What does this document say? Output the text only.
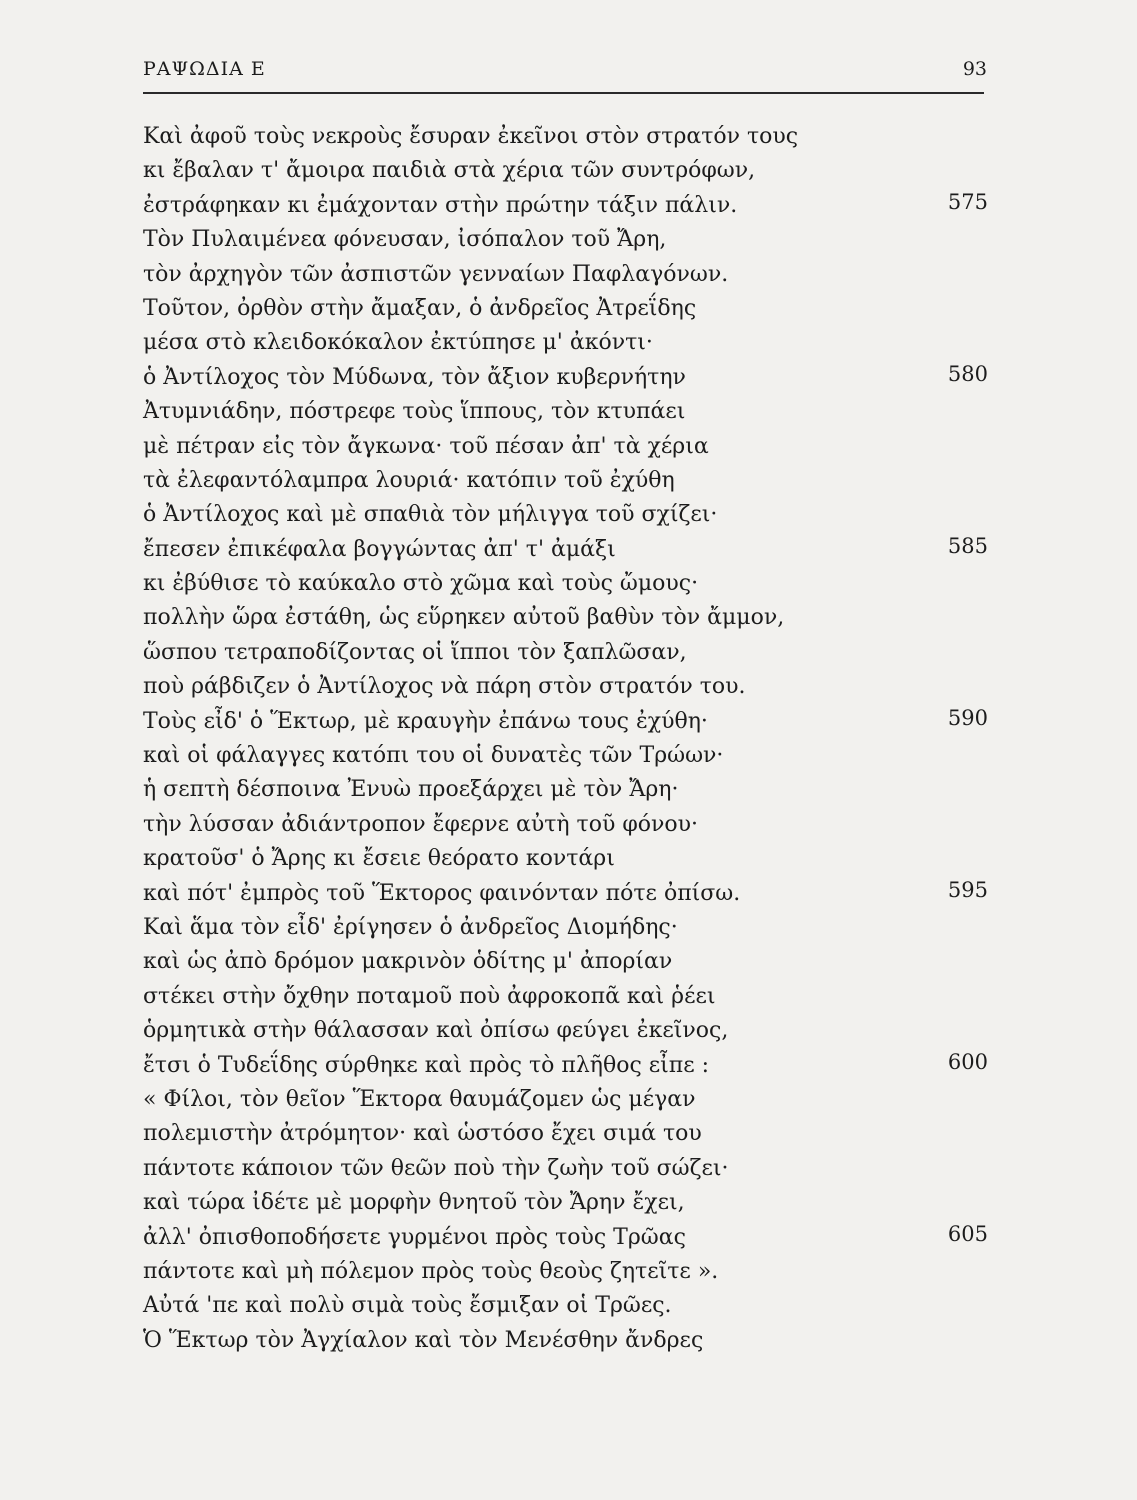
ΡΑΨΩΔΙΑ Ε	93
Καὶ ἀφοῦ τοὺς νεκροὺς ἔσυραν ἐκεῖνοι στὸν στρατόν τους
κι ἔβαλαν τ' ἄμοιρα παιδιὰ στὰ χέρια τῶν συντρόφων,
ἐστράφηκαν κι ἐμάχονταν στὴν πρώτην τάξιν πάλιν.	575
Τὸν Πυλαιμένεα φόνευσαν, ἰσόπαλον τοῦ Ἄρη,
τὸν ἀρχηγὸν τῶν ἀσπιστῶν γενναίων Παφλαγόνων.
Τοῦτον, ὀρθὸν στὴν ἄμαξαν, ὁ ἀνδρεῖος Ἀτρεΐδης
μέσα στὸ κλειδοκόκαλον ἐκτύπησε μ' ἀκόντι·
ὁ Ἀντίλοχος τὸν Μύδωνα, τὸν ἄξιον κυβερνήτην	580
Ἀτυμνιάδην, πόστρεφε τοὺς ἵππους, τὸν κτυπάει
μὲ πέτραν εἰς τὸν ἄγκωνα· τοῦ πέσαν ἀπ' τὰ χέρια
τὰ ἐλεφαντόλαμπρα λουριά· κατόπιν τοῦ ἐχύθη
ὁ Ἀντίλοχος καὶ μὲ σπαθιὰ τὸν μήλιγγα τοῦ σχίζει·
ἔπεσεν ἐπικέφαλα βογγώντας ἀπ' τ' ἀμάξι	585
κι ἐβύθισε τὸ καύκαλο στὸ χῶμα καὶ τοὺς ὤμους·
πολλὴν ὥρα ἐστάθη, ὡς εὕρηκεν αὐτοῦ βαθὺν τὸν ἄμμον,
ὥσπου τετραποδίζοντας οἱ ἵπποι τὸν ξαπλῶσαν,
ποὺ ράβδιζεν ὁ Ἀντίλοχος νὰ πάρη στὸν στρατόν του.
Τοὺς εἶδ' ὁ Ἕκτωρ, μὲ κραυγὴν ἐπάνω τους ἐχύθη·	590
καὶ οἱ φάλαγγες κατόπι του οἱ δυνατὲς τῶν Τρώων·
ἡ σεπτὴ δέσποινα Ἐνυὼ προεξάρχει μὲ τὸν Ἄρη·
τὴν λύσσαν ἀδιάντροπον ἔφερνε αὐτὴ τοῦ φόνου·
κρατοῦσ' ὁ Ἄρης κι ἔσειε θεόρατο κοντάρι
καὶ πότ' ἐμπρὸς τοῦ Ἕκτορος φαινόνταν πότε ὀπίσω.	595
Καὶ ἅμα τὸν εἶδ' ἐρίγησεν ὁ ἀνδρεῖος Διομήδης·
καὶ ὡς ἀπὸ δρόμον μακρινὸν ὁδίτης μ' ἀπορίαν
στέκει στὴν ὄχθην ποταμοῦ ποὺ ἀφροκοπᾶ καὶ ῥέει
ὁρμητικὰ στὴν θάλασσαν καὶ ὀπίσω φεύγει ἐκεῖνος,
ἔτσι ὁ Τυδεΐδης σύρθηκε καὶ πρὸς τὸ πλῆθος εἶπε :	600
« Φίλοι, τὸν θεῖον Ἕκτορα θαυμάζομεν ὡς μέγαν
πολεμιστὴν ἀτρόμητον· καὶ ὡστόσο ἔχει σιμά του
πάντοτε κάποιον τῶν θεῶν ποὺ τὴν ζωὴν τοῦ σώζει·
καὶ τώρα ἰδέτε μὲ μορφὴν θνητοῦ τὸν Ἄρην ἔχει,
ἀλλ' ὀπισθοποδήσετε γυρμένοι πρὸς τοὺς Τρῶας	605
πάντοτε καὶ μὴ πόλεμον πρὸς τοὺς θεοὺς ζητεῖτε ».
Αὐτά 'πε καὶ πολὺ σιμὰ τοὺς ἔσμιξαν οἱ Τρῶες.
Ὁ Ἕκτωρ τὸν Ἀγχίαλον καὶ τὸν Μενέσθην ἄνδρες
